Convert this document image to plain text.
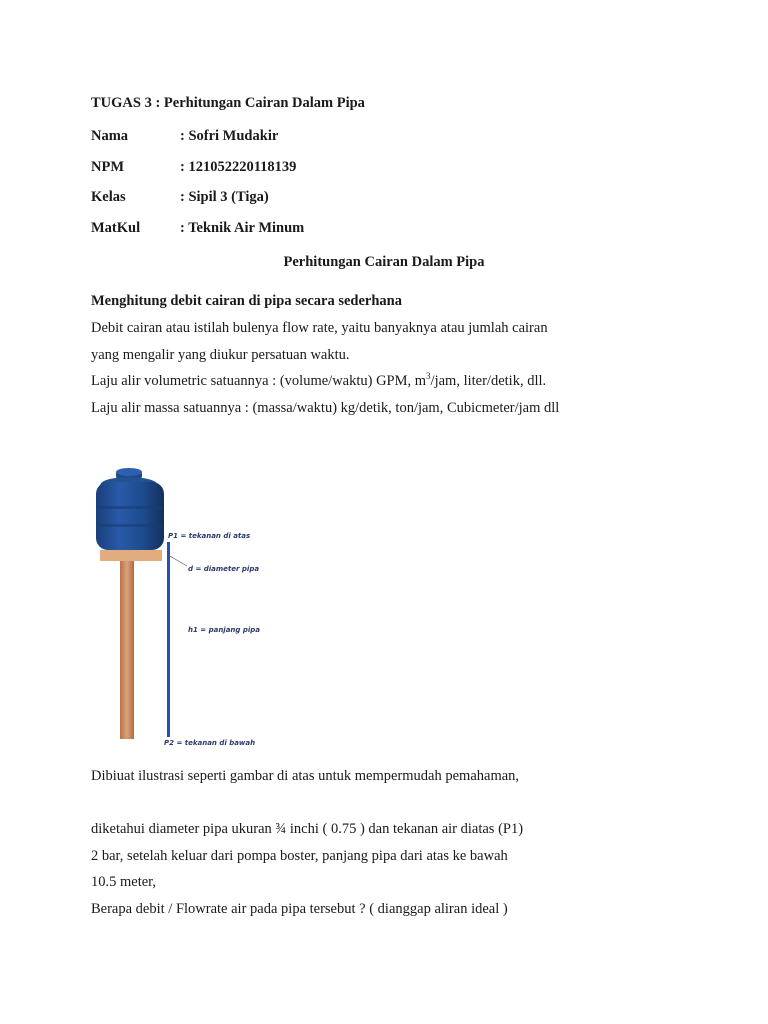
TUGAS 3 : Perhitungan Cairan Dalam Pipa
Nama	: Sofri Mudakir
NPM	: 121052220118139
Kelas	: Sipil 3 (Tiga)
MatKul	: Teknik Air Minum
Perhitungan Cairan Dalam Pipa
Menghitung debit cairan di pipa secara sederhana
Debit cairan atau istilah bulenya flow rate, yaitu banyaknya atau jumlah cairan
yang mengalir yang diukur persatuan waktu.
Laju alir volumetric satuannya : (volume/waktu) GPM, $m^3$/jam, liter/detik, dll.
Laju alir massa satuannya : (massa/waktu) kg/detik, ton/jam, Cubicmeter/jam dll
P1 = tekanan di atas
d = diameter pipa
h1 = panjang pipa
P2 = tekanan di bawah
Dibiuat ilustrasi seperti gambar di atas untuk mempermudah pemahaman,
diketahui diameter pipa ukuran ¾ inchi ( 0.75 ) dan tekanan air diatas (P1)
2 bar, setelah keluar dari pompa boster, panjang pipa dari atas ke bawah
10.5 meter,
Berapa debit / Flowrate air pada pipa tersebut ? ( dianggap aliran ideal )
